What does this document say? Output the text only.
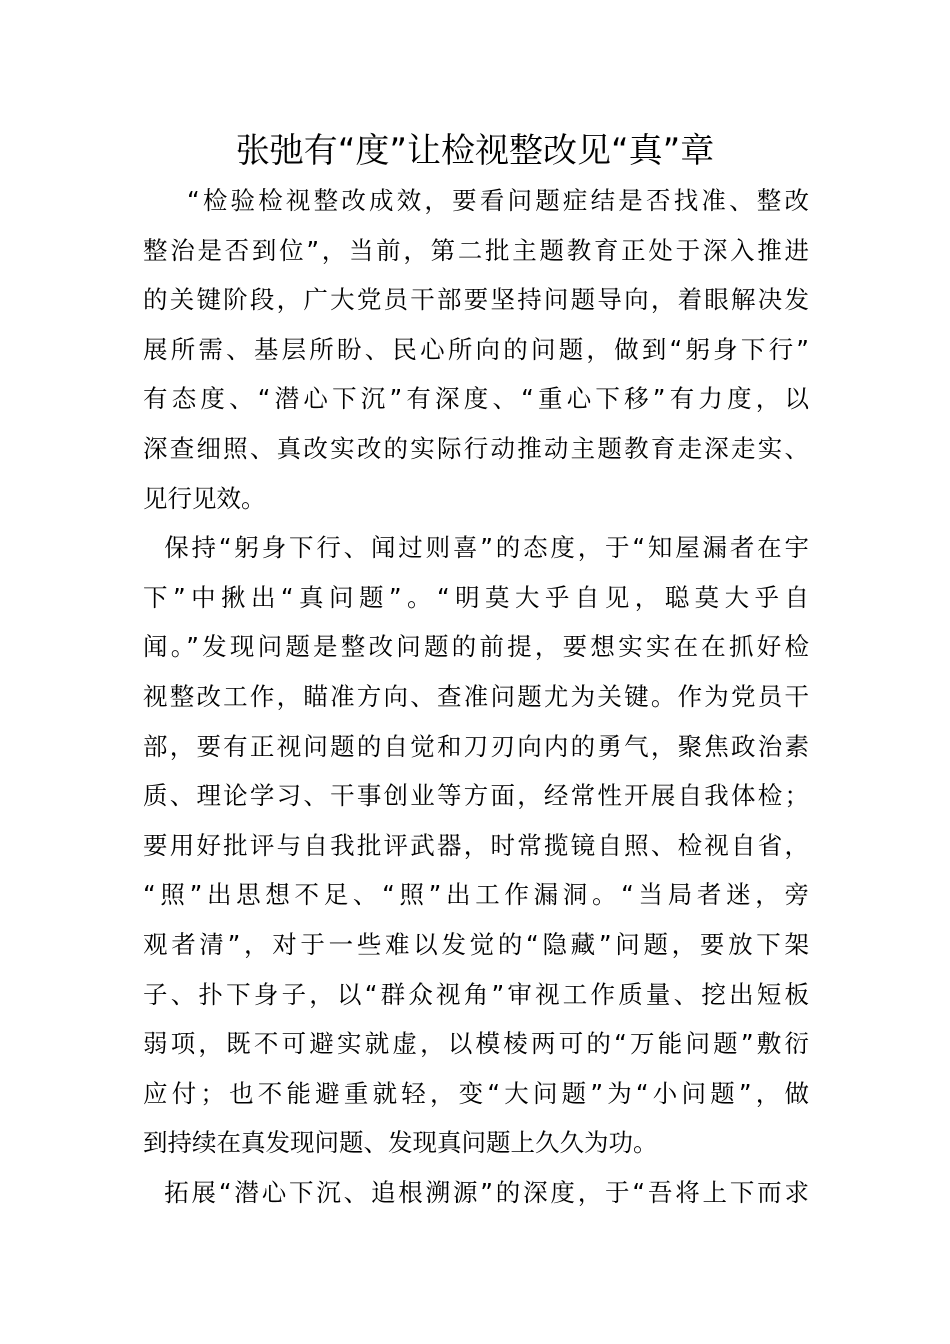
张弛有“度”让检视整改见“真”章

“检验检视整改成效，要看问题症结是否找准、整改
整治是否到位”，当前，第二批主题教育正处于深入推进
的关键阶段，广大党员干部要坚持问题导向，着眼解决发
展所需、基层所盼、民心所向的问题，做到“躬身下行”
有态度、“潜心下沉”有深度、“重心下移”有力度，以
深查细照、真改实改的实际行动推动主题教育走深走实、
见行见效。

保持“躬身下行、闻过则喜”的态度，于“知屋漏者在宇
下”中揪出“真问题”。“明莫大乎自见，聪莫大乎自
闻。”发现问题是整改问题的前提，要想实实在在抓好检
视整改工作，瞄准方向、查准问题尤为关键。作为党员干
部，要有正视问题的自觉和刀刃向内的勇气，聚焦政治素
质、理论学习、干事创业等方面，经常性开展自我体检；
要用好批评与自我批评武器，时常揽镜自照、检视自省，
“照”出思想不足、“照”出工作漏洞。“当局者迷，旁
观者清”，对于一些难以发觉的“隐藏”问题，要放下架
子、扑下身子，以“群众视角”审视工作质量、挖出短板
弱项，既不可避实就虚，以模棱两可的“万能问题”敷衍
应付；也不能避重就轻，变“大问题”为“小问题”，做
到持续在真发现问题、发现真问题上久久为功。

拓展“潜心下沉、追根溯源”的深度，于“吾将上下而求
